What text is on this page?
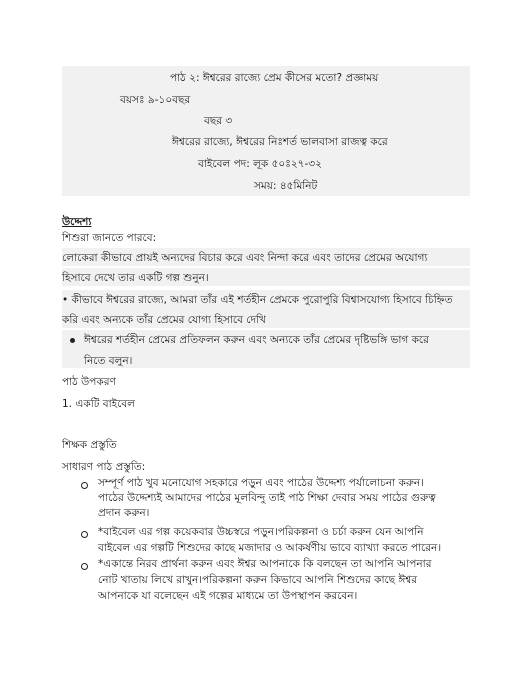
পাঠ ২: ঈশ্বরের রাজ্যে প্রেম কীসের মতো? প্রজ্ঞাময়
বয়সঃ ৯-১০বছর
বছর ৩
ঈশ্বরের রাজ্যে, ঈশ্বরের নিঃশর্ত ভালবাসা রাজত্ব করে
বাইবেল পদ: লূক ৫০ঃ২৭-৩২
সময়: ৪৫মিনিট
উদ্দেশ্য
শিশুরা জানতে পারবে:
লোকেরা কীভাবে প্রায়ই অন্যদের বিচার করে এবং নিন্দা করে এবং তাদের প্রেমের অযোগ্য
হিসাবে দেখে তার একটি গল্প শুনুন।
• কীভাবে ঈশ্বরের রাজ্যে, আমরা তাঁর এই শর্তহীন প্রেমকে পুরোপুরি বিশ্বাসযোগ্য হিসাবে চিহ্নিত
করি এবং অন্যকে তাঁর প্রেমের যোগ্য হিসাবে দেখি
ঈশ্বরের শর্তহীন প্রেমের প্রতিফলন করুন এবং অন্যকে তাঁর প্রেমের দৃষ্টিভঙ্গি ভাগ করে
নিতে বলুন।
পাঠ উপকরণ
1. একটি বাইবেল
শিক্ষক প্রস্তুতি
সাধারণ পাঠ প্রস্তুতি:
সম্পূর্ণ পাঠ খুব মনোযোগ সহকারে পড়ুন এবং পাঠের উদ্দেশ্য পর্যালোচনা করুন।
পাঠের উদ্দেশ্যই আমাদের পাঠের মূলবিন্দু তাই পাঠ শিক্ষা দেবার সময় পাঠের গুরুত্ব
প্রদান করুন।
*বাইবেল এর গল্প কয়েকবার উচ্চস্বরে পড়ুন।পরিকল্পনা ও চর্চা করুন যেন আপনি
বাইবেল এর গল্পটি শিশুদের কাছে মজাদার ও আকর্ষণীয় ভাবে ব্যাখ্যা করতে পারেন।
*একান্তে নিরব প্রার্থনা করুন এবং ঈশ্বর আপনাকে কি বলছেন তা আপনি আপনার
নোট খাতায় লিখে রাখুন।পরিকল্পনা করুন কিভাবে আপনি শিশুদের কাছে ঈশ্বর
আপনাকে যা বলেছেন এই গল্পের মাধ্যমে তা উপস্থাপন করবেন।
